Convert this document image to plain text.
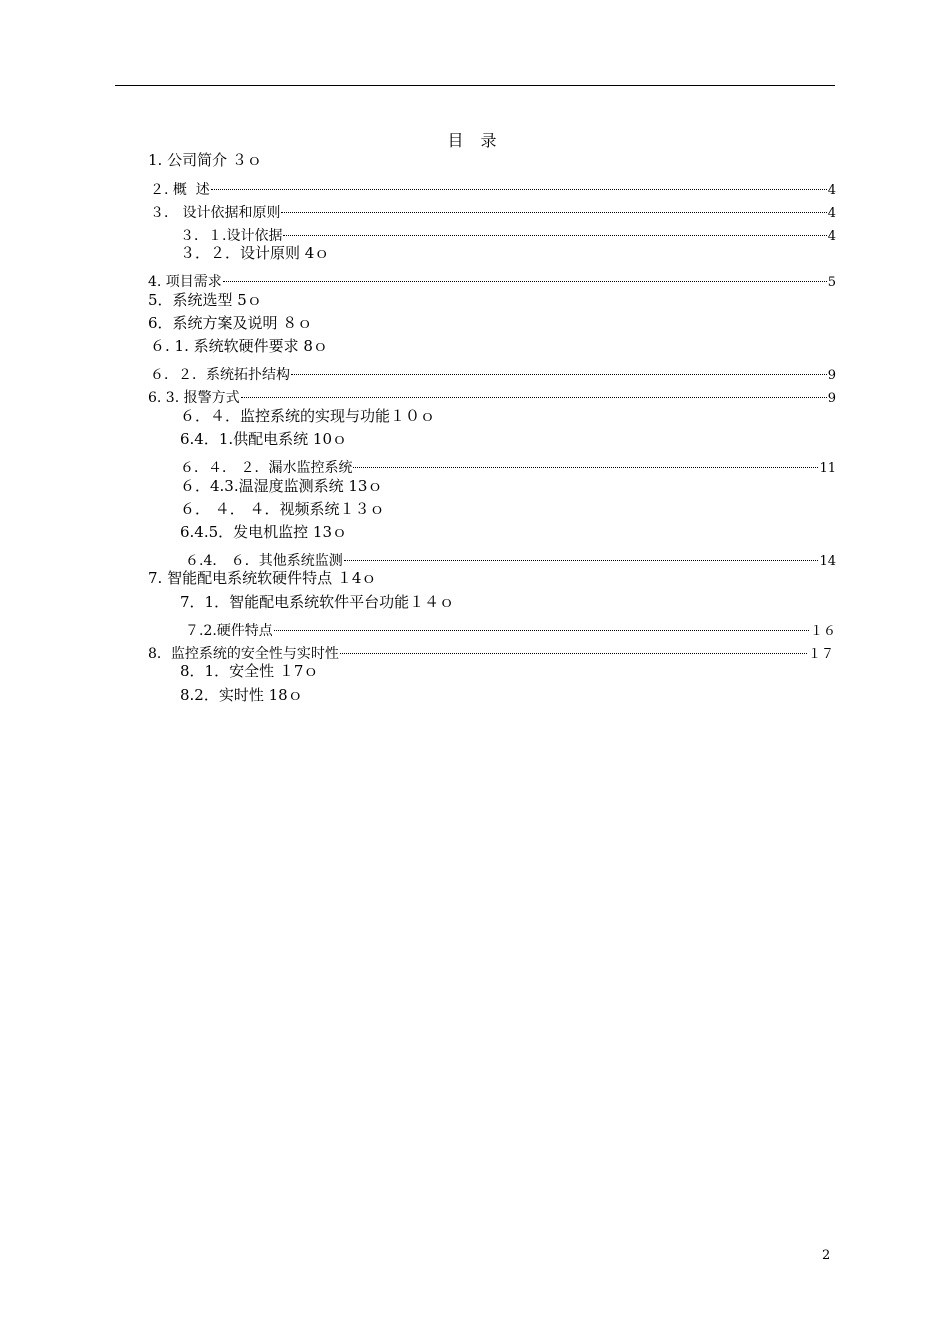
目 录
1. 公司简介 ３ｏ
２. 概  述	4
３． 设计依据和原则	4
３．１.设计依据	4
３．２．设计原则 4ｏ
4. 项目需求	5
5．系统选型 5ｏ
6．系统方案及说明 ８ｏ
６. 1. 系统软硬件要求 8ｏ
６．２．系统拓扑结构	9
6. 3. 报警方式	9
６．４．监控系统的实现与功能１０ｏ
6.4．1.供配电系统 10ｏ
６．４． ２．漏水监控系统	11
６．4.3.温湿度监测系统 13ｏ
６． ４． ４．视频系统１３ｏ
6.4.5．发电机监控 13ｏ
６.4． ６．其他系统监测	14
7. 智能配电系统软硬件特点 １4ｏ
7．1．智能配电系统软件平台功能１４ｏ
７.2.硬件特点	１６
8．监控系统的安全性与实时性	１７
8．1．安全性 １7ｏ
8.2．实时性 18ｏ
2
